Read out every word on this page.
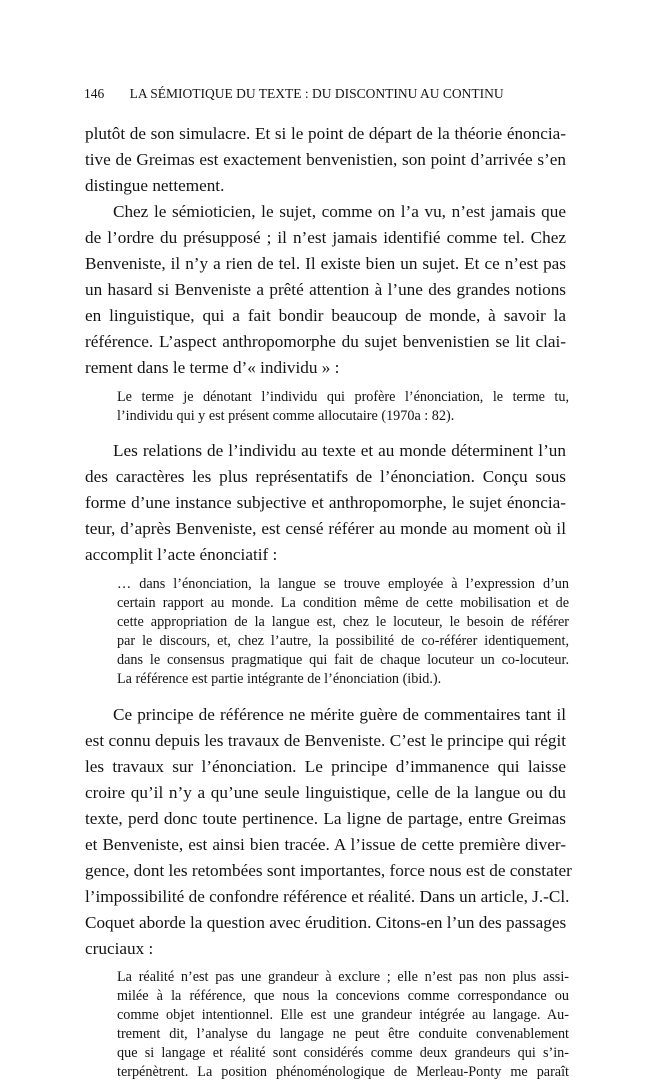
146 LA SÉMIOTIQUE DU TEXTE : DU DISCONTINU AU CONTINU
plutôt de son simulacre. Et si le point de départ de la théorie énoncia-
tive de Greimas est exactement benvenistien, son point d’arrivée s’en
distingue nettement.
Chez le sémioticien, le sujet, comme on l’a vu, n’est jamais que
de l’ordre du présupposé ; il n’est jamais identifié comme tel. Chez
Benveniste, il n’y a rien de tel. Il existe bien un sujet. Et ce n’est pas
un hasard si Benveniste a prêté attention à l’une des grandes notions
en linguistique, qui a fait bondir beaucoup de monde, à savoir la
référence. L’aspect anthropomorphe du sujet benvenistien se lit clai-
rement dans le terme d’« individu » :
Le terme je dénotant l’individu qui profère l’énonciation, le terme tu,
l’individu qui y est présent comme allocutaire (1970a : 82).
Les relations de l’individu au texte et au monde déterminent l’un
des caractères les plus représentatifs de l’énonciation. Conçu sous
forme d’une instance subjective et anthropomorphe, le sujet énoncia-
teur, d’après Benveniste, est censé référer au monde au moment où il
accomplit l’acte énonciatif :
… dans l’énonciation, la langue se trouve employée à l’expression d’un
certain rapport au monde. La condition même de cette mobilisation et de
cette appropriation de la langue est, chez le locuteur, le besoin de référer
par le discours, et, chez l’autre, la possibilité de co-référer identiquement,
dans le consensus pragmatique qui fait de chaque locuteur un co-locuteur.
La référence est partie intégrante de l’énonciation (ibid.).
Ce principe de référence ne mérite guère de commentaires tant il
est connu depuis les travaux de Benveniste. C’est le principe qui régit
les travaux sur l’énonciation. Le principe d’immanence qui laisse
croire qu’il n’y a qu’une seule linguistique, celle de la langue ou du
texte, perd donc toute pertinence. La ligne de partage, entre Greimas
et Benveniste, est ainsi bien tracée. A l’issue de cette première diver-
gence, dont les retombées sont importantes, force nous est de constater
l’impossibilité de confondre référence et réalité. Dans un article, J.-Cl.
Coquet aborde la question avec érudition. Citons-en l’un des passages
cruciaux :
La réalité n’est pas une grandeur à exclure ; elle n’est pas non plus assi-
milée à la référence, que nous la concevions comme correspondance ou
comme objet intentionnel. Elle est une grandeur intégrée au langage. Au-
trement dit, l’analyse du langage ne peut être conduite convenablement
que si langage et réalité sont considérés comme deux grandeurs qui s’in-
terpénètrent. La position phénoménologique de Merleau-Ponty me paraît
